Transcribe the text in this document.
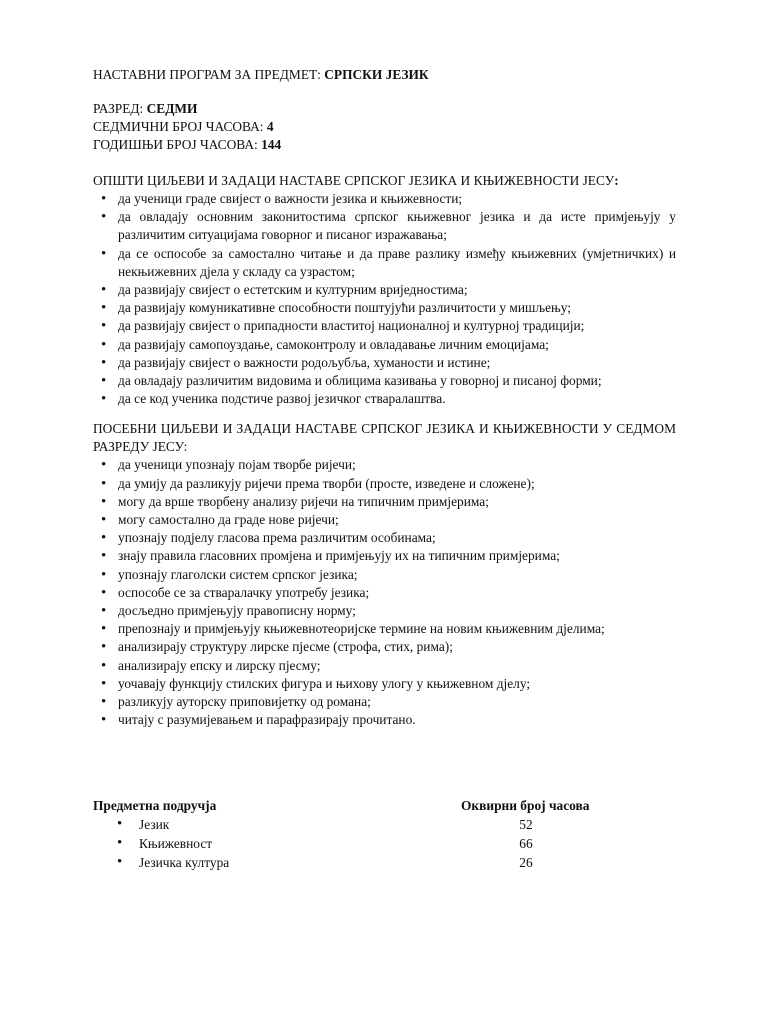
НАСТАВНИ ПРОГРАМ ЗА ПРЕДМЕТ: СРПСКИ ЈЕЗИК

РАЗРЕД: СЕДМИ

СЕДМИЧНИ БРОЈ ЧАСОВА: 4

ГОДИШЊИ БРОЈ ЧАСОВА: 144

ОПШТИ ЦИЉЕВИ И ЗАДАЦИ НАСТАВЕ СРПСКОГ ЈЕЗИКА И КЊИЖЕВНОСТИ ЈЕСУ:

• да ученици граде свијест о важности језика и књижевности;
• да овладају основним законитостима српског књижевног језика и да исте примјењују у различитим ситуацијама говорног и писаног изражавања;
• да се оспособе за самостално читање и да праве разлику између књижевних (умјетничких) и некњижевних дјела у складу са узрастом;
• да развијају свијест о естетским и културним вриједностима;
• да развијају комуникативне способности поштујући различитости у мишљењу;
• да развијају свијест о припадности властитој националној и културној традицији;
• да развијају самопоуздање, самоконтролу и овладавање личним емоцијама;
• да развијају свијест о важности родољубља, хуманости и истине;
• да овладају различитим видовима и облицима казивања у говорној и писаној форми;
• да се код ученика подстиче развој језичког стваралаштва.

ПОСЕБНИ ЦИЉЕВИ И ЗАДАЦИ НАСТАВЕ СРПСКОГ ЈЕЗИКА И КЊИЖЕВНОСТИ У СЕДМОМ РАЗРЕДУ ЈЕСУ:

• да ученици упознају појам творбе ријечи;
• да умију да разликују ријечи према творби (просте, изведене и сложене);
• могу да врше творбену анализу ријечи на типичним примјерима;
• могу самостално да граде нове ријечи;
• упознају подјелу гласова према различитим особинама;
• знају правила гласовних промјена и примјењују их на типичним примјерима;
• упознају глаголски систем српског језика;
• оспособе се за стваралачку употребу језика;
• досљедно примјењују правописну норму;
• препознају и примјењују књижевнотеоријске термине на новим књижевним дјелима;
• анализирају структуру лирске пјесме (строфа, стих, рима);
• анализирају епску и лирску пјесму;
• уочавају функцију стилских фигура и њихову улогу у књижевном дјелу;
• разликују ауторску приповијетку од романа;
• читају с разумијевањем и парафразирају прочитано.
Предметна подручја	Оквирни број часова
• Језик	52
• Књижевност	66
• Језичка култура	26
